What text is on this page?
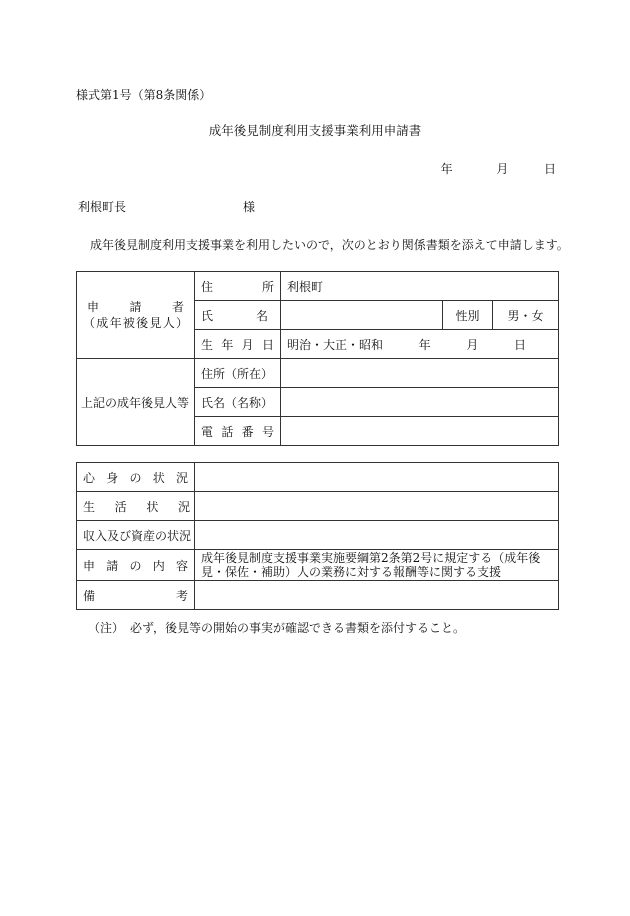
様式第1号（第8条関係）
成年後見制度利用支援事業利用申請書
年	月	日
利根町長	様
成年後見制度利用支援事業を利用したいので，次のとおり関係書類を添えて申請します。
申請者
（成年被後見人）	住所	利根町		
	氏名		性別	男・女
	生年月日	明治・大正・昭和 年 月 日		
上記の成年後見人等	住所（所在）			
	氏名（名称）			
	電話番号			
心身の状況	
生活状況	
収入及び資産の状況	
申請の内容	成年後見制度支援事業実施要綱第2条第2号に規定する（成年後見・保佐・補助）人の業務に対する報酬等に関する支援
備考	
（注）　必ず，後見等の開始の事実が確認できる書類を添付すること。
